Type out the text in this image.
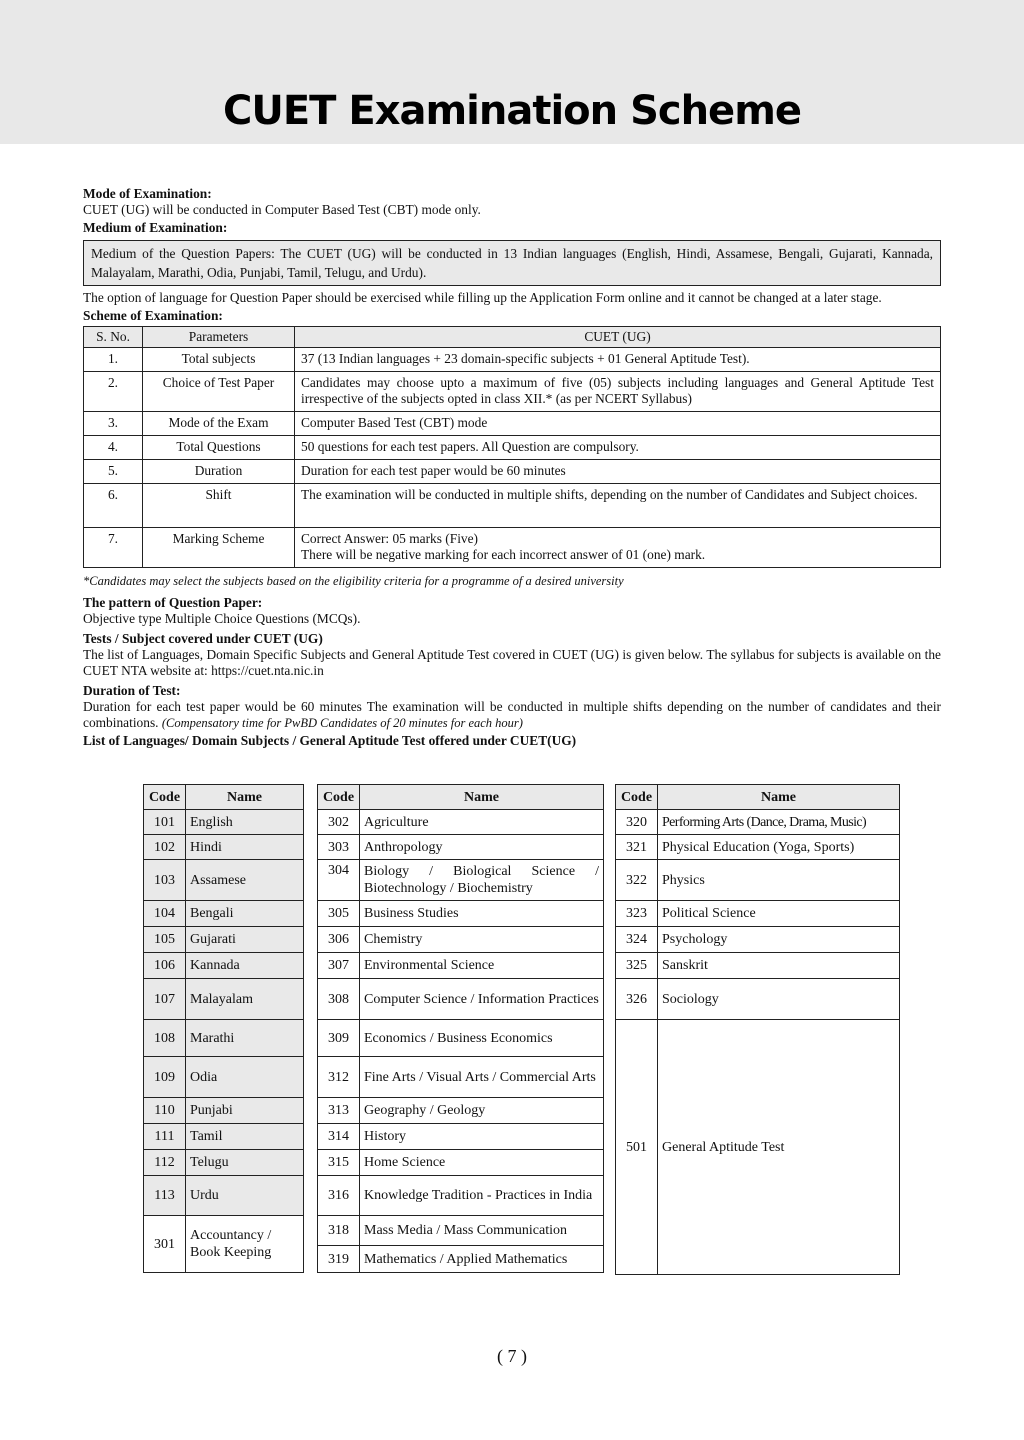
CUET Examination Scheme
Mode of Examination:
CUET (UG) will be conducted in Computer Based Test (CBT) mode only.
Medium of Examination:
Medium of the Question Papers: The CUET (UG) will be conducted in 13 Indian languages (English, Hindi, Assamese, Bengali, Gujarati, Kannada, Malayalam, Marathi, Odia, Punjabi, Tamil, Telugu, and Urdu).
The option of language for Question Paper should be exercised while filling up the Application Form online and it cannot be changed at a later stage.
Scheme of Examination:
S. No.	Parameters	CUET (UG)
1.	Total subjects	37 (13 Indian languages + 23 domain-specific subjects + 01 General Aptitude Test).
2.	Choice of Test Paper	Candidates may choose upto a maximum of five (05) subjects including languages and General Aptitude Test irrespective of the subjects opted in class XII.* (as per NCERT Syllabus)
3.	Mode of the Exam	Computer Based Test (CBT) mode
4.	Total Questions	50 questions for each test papers. All Question are compulsory.
5.	Duration	Duration for each test paper would be 60 minutes
6.	Shift	The examination will be conducted in multiple shifts, depending on the number of Candidates and Subject choices.
7.	Marking Scheme	Correct Answer: 05 marks (Five)
There will be negative marking for each incorrect answer of 01 (one) mark.
*Candidates may select the subjects based on the eligibility criteria for a programme of a desired university
The pattern of Question Paper:
Objective type Multiple Choice Questions (MCQs).
Tests / Subject covered under CUET (UG)
The list of Languages, Domain Specific Subjects and General Aptitude Test covered in CUET (UG) is given below. The syllabus for subjects is available on the CUET NTA website at: https://cuet.nta.nic.in
Duration of Test:
Duration for each test paper would be 60 minutes The examination will be conducted in multiple shifts depending on the number of candidates and their combinations. (Compensatory time for PwBD Candidates of 20 minutes for each hour)
List of Languages/ Domain Subjects / General Aptitude Test offered under CUET(UG)
Code	Name
101	English
102	Hindi
103	Assamese
104	Bengali
105	Gujarati
106	Kannada
107	Malayalam
108	Marathi
109	Odia
110	Punjabi
111	Tamil
112	Telugu
113	Urdu
301	Accountancy / Book Keeping
Code	Name
302	Agriculture
303	Anthropology
304	Biology / Biological Science / Biotechnology / Biochemistry
305	Business Studies
306	Chemistry
307	Environmental Science
308	Computer Science / Information Practices
309	Economics / Business Economics
312	Fine Arts / Visual Arts / Commercial Arts
313	Geography / Geology
314	History
315	Home Science
316	Knowledge Tradition - Practices in India
318	Mass Media / Mass Communication
319	Mathematics / Applied Mathematics
Code	Name
320	Performing Arts (Dance, Drama, Music)
321	Physical Education (Yoga, Sports)
322	Physics
323	Political Science
324	Psychology
325	Sanskrit
326	Sociology
501	General Aptitude Test
( 7 )
